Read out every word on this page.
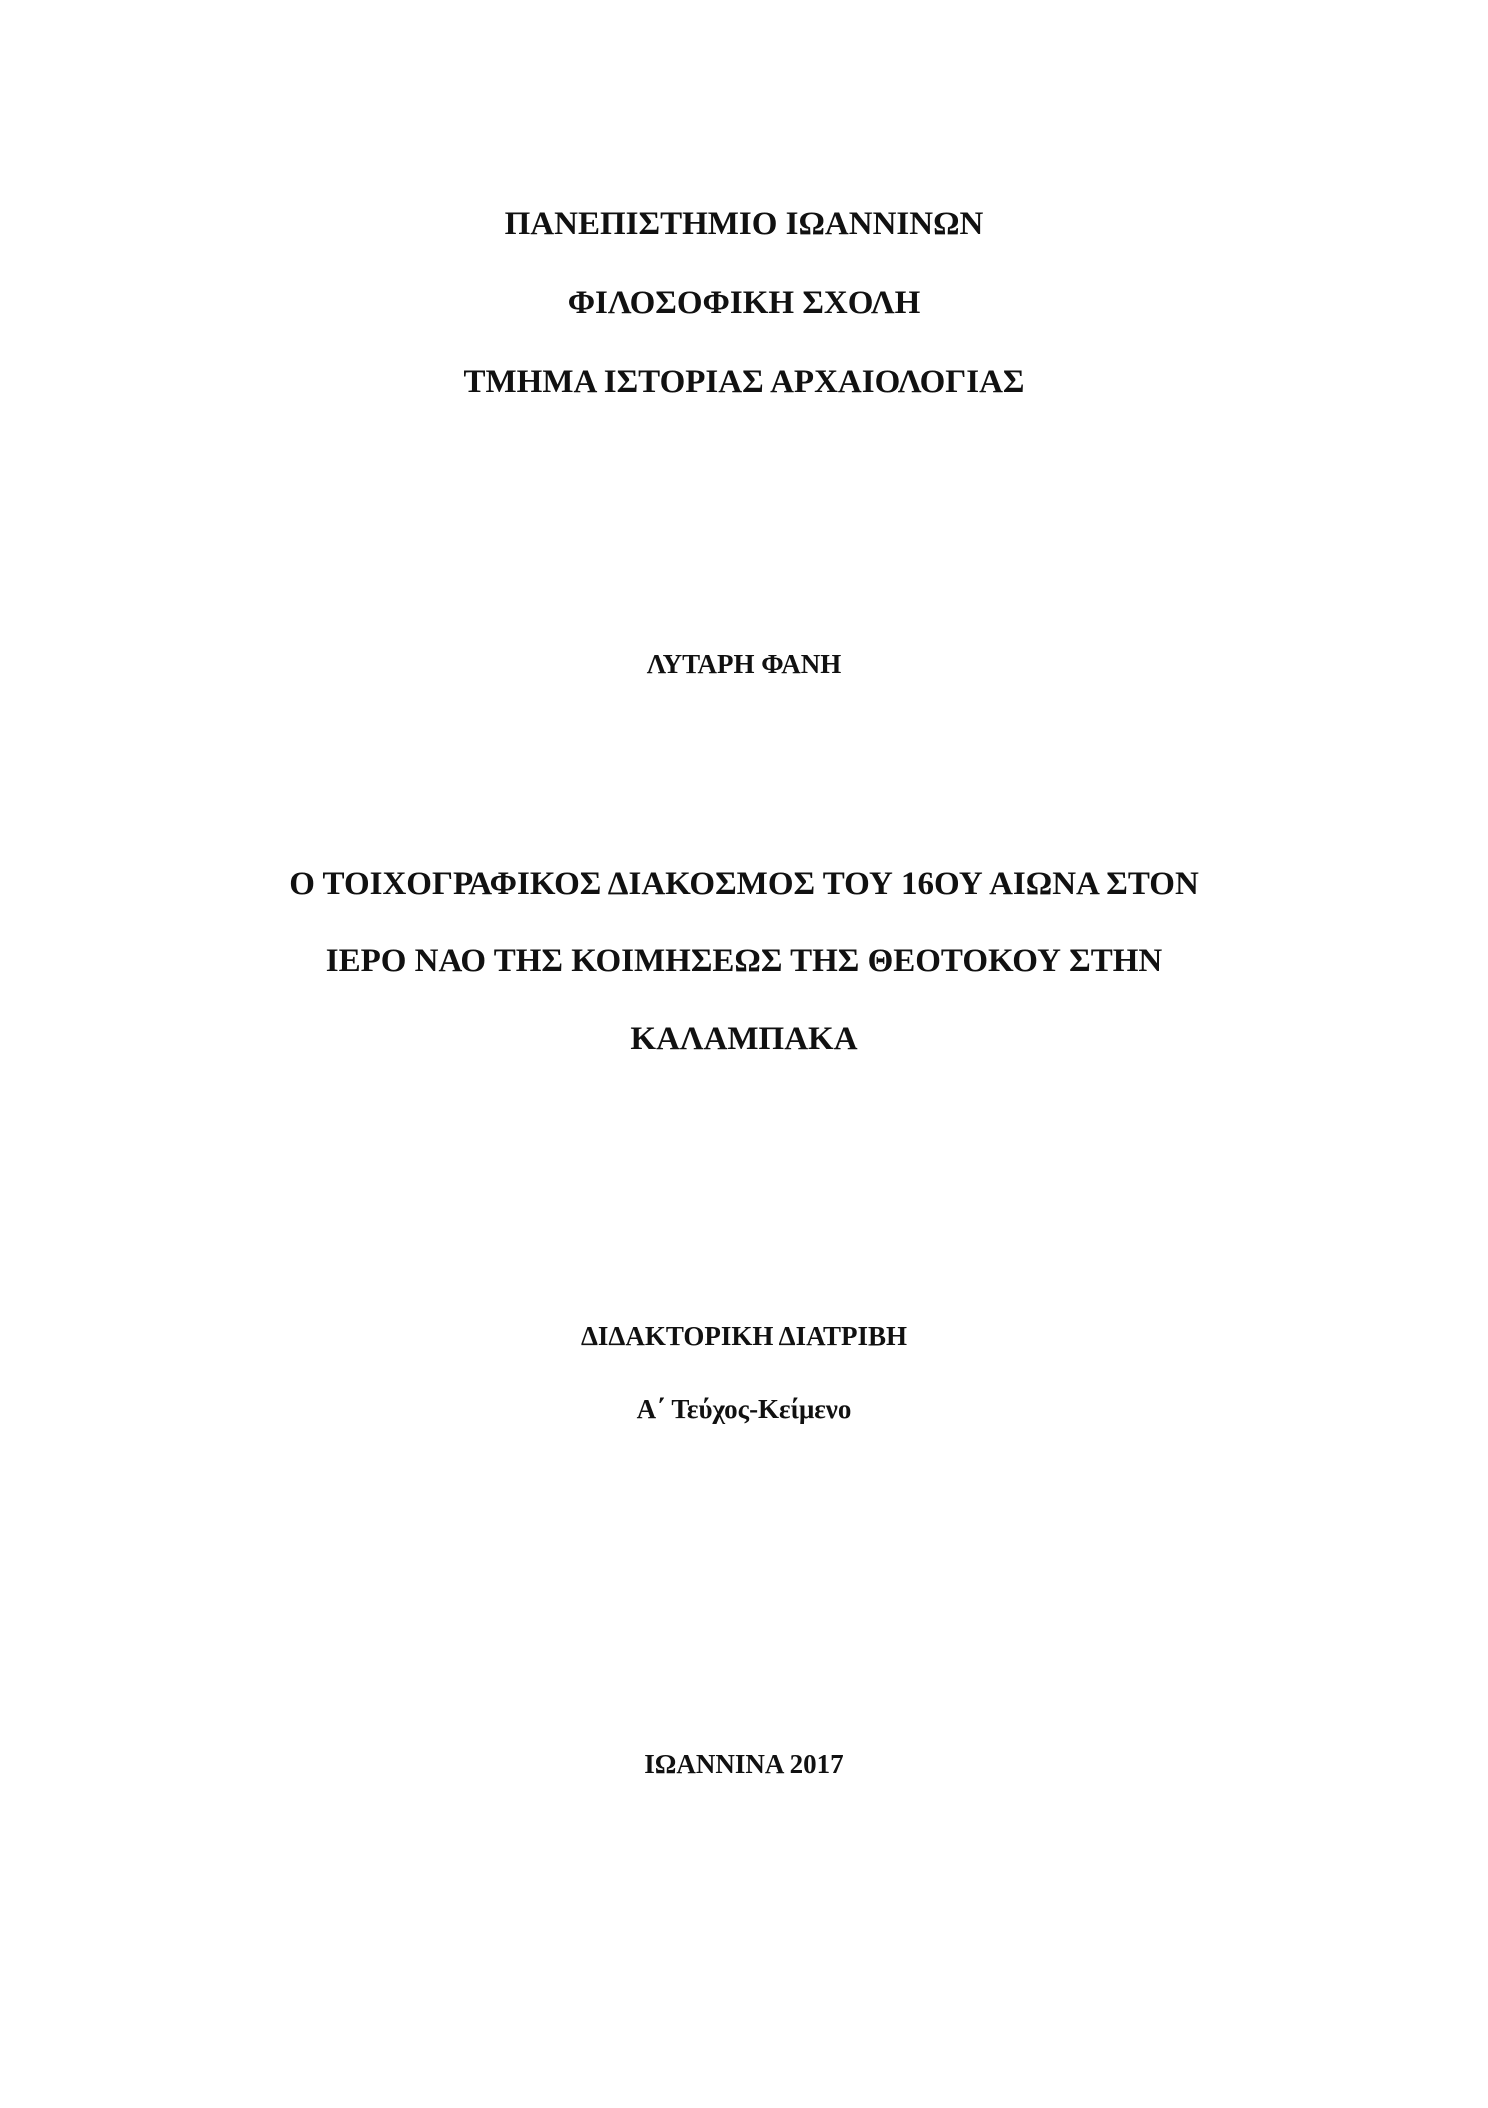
ΠΑΝΕΠΙΣΤΗΜΙΟ ΙΩΑΝΝΙΝΩΝ
ΦΙΛΟΣΟΦΙΚΗ ΣΧΟΛΗ
ΤΜΗΜΑ ΙΣΤΟΡΙΑΣ ΑΡΧΑΙΟΛΟΓΙΑΣ
ΛΥΤΑΡΗ ΦΑΝΗ
Ο ΤΟΙΧΟΓΡΑΦΙΚΟΣ ΔΙΑΚΟΣΜΟΣ ΤΟΥ 16ΟΥ ΑΙΩΝΑ ΣΤΟΝ
ΙΕΡΟ ΝΑΟ ΤΗΣ ΚΟΙΜΗΣΕΩΣ ΤΗΣ ΘΕΟΤΟΚΟΥ ΣΤΗΝ
ΚΑΛΑΜΠΑΚΑ
ΔΙΔΑΚΤΟΡΙΚΗ ΔΙΑΤΡΙΒΗ
Α΄ Τεύχος-Κείμενο
ΙΩΑΝΝΙΝΑ 2017
